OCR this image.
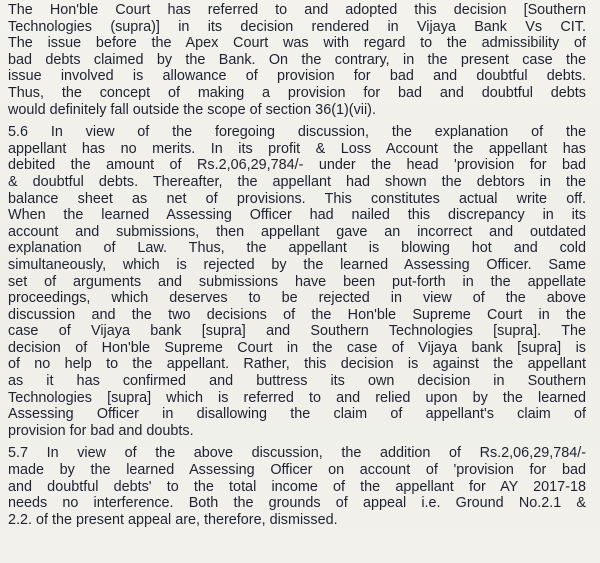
The Hon'ble Court has referred to and adopted this decision [Southern
Technologies (supra)] in its decision rendered in Vijaya Bank Vs CIT.
The issue before the Apex Court was with regard to the admissibility of
bad debts claimed by the Bank. On the contrary, in the present case the
issue involved is allowance of provision for bad and doubtful debts.
Thus, the concept of making a provision for bad and doubtful debts
would definitely fall outside the scope of section 36(1)(vii).
5.6 In view of the foregoing discussion, the explanation of the
appellant has no merits. In its profit & Loss Account the appellant has
debited the amount of Rs.2,06,29,784/- under the head 'provision for bad
& doubtful debts. Thereafter, the appellant had shown the debtors in the
balance sheet as net of provisions. This constitutes actual write off.
When the learned Assessing Officer had nailed this discrepancy in its
account and submissions, then appellant gave an incorrect and outdated
explanation of Law. Thus, the appellant is blowing hot and cold
simultaneously, which is rejected by the learned Assessing Officer. Same
set of arguments and submissions have been put-forth in the appellate
proceedings, which deserves to be rejected in view of the above
discussion and the two decisions of the Hon'ble Supreme Court in the
case of Vijaya bank [supra] and Southern Technologies [supra]. The
decision of Hon'ble Supreme Court in the case of Vijaya bank [supra] is
of no help to the appellant. Rather, this decision is against the appellant
as it has confirmed and buttress its own decision in Southern
Technologies [supra] which is referred to and relied upon by the learned
Assessing Officer in disallowing the claim of appellant's claim of
provision for bad and doubts.
5.7 In view of the above discussion, the addition of Rs.2,06,29,784/-
made by the learned Assessing Officer on account of 'provision for bad
and doubtful debts' to the total income of the appellant for AY 2017-18
needs no interference. Both the grounds of appeal i.e. Ground No.2.1 &
2.2. of the present appeal are, therefore, dismissed.
